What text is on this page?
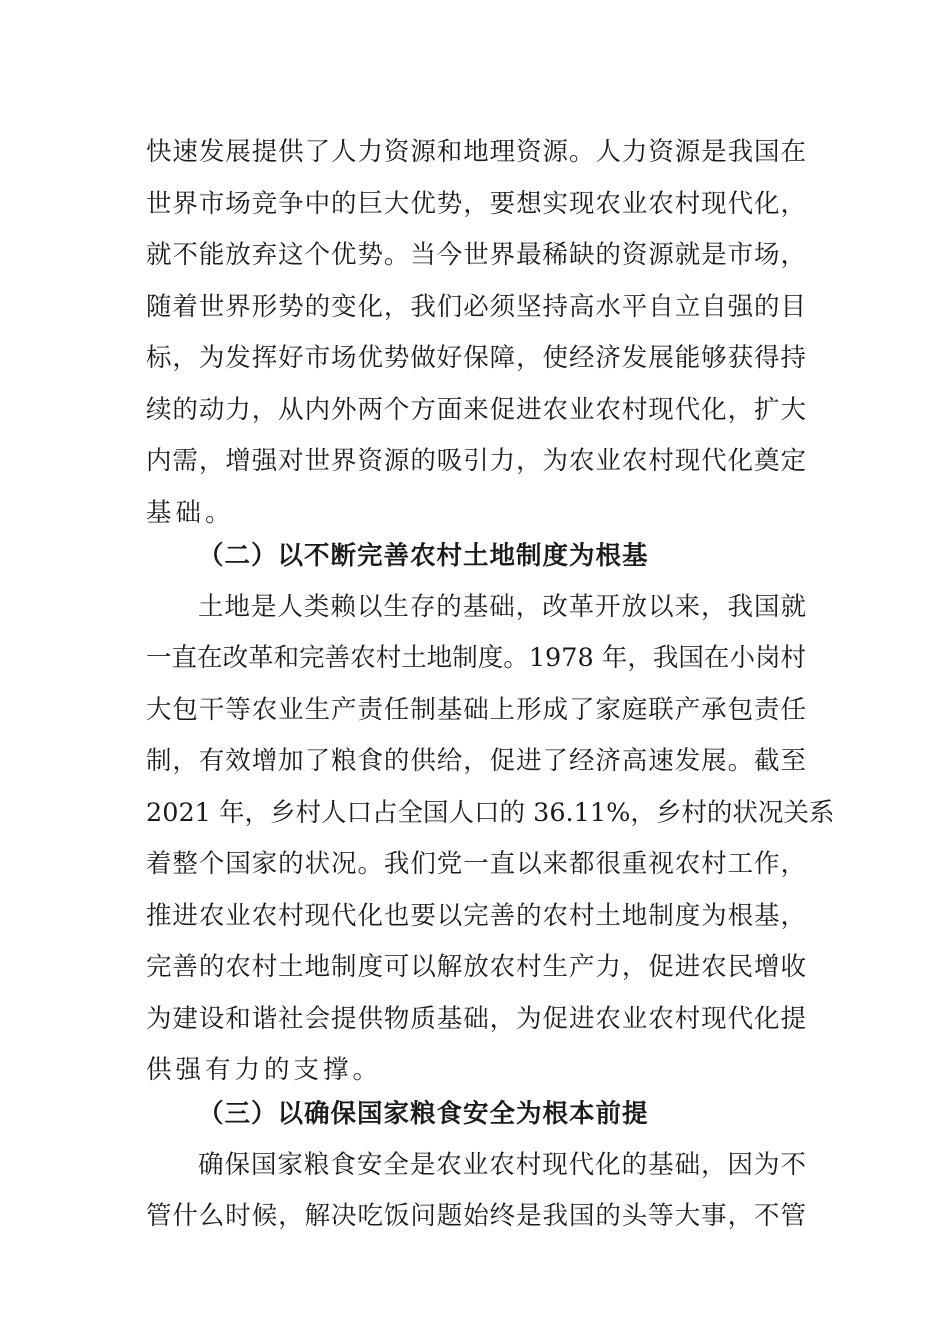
快速发展提供了人力资源和地理资源。人力资源是我国在
世界市场竞争中的巨大优势，要想实现农业农村现代化，
就不能放弃这个优势。当今世界最稀缺的资源就是市场，
随着世界形势的变化，我们必须坚持高水平自立自强的目
标，为发挥好市场优势做好保障，使经济发展能够获得持
续的动力，从内外两个方面来促进农业农村现代化，扩大
内需，增强对世界资源的吸引力，为农业农村现代化奠定
基础。
（二）以不断完善农村土地制度为根基
土地是人类赖以生存的基础，改革开放以来，我国就
一直在改革和完善农村土地制度。1978 年，我国在小岗村
大包干等农业生产责任制基础上形成了家庭联产承包责任
制，有效增加了粮食的供给，促进了经济高速发展。截至
2021 年，乡村人口占全国人口的 36.11%，乡村的状况关系
着整个国家的状况。我们党一直以来都很重视农村工作，
推进农业农村现代化也要以完善的农村土地制度为根基，
完善的农村土地制度可以解放农村生产力，促进农民增收
为建设和谐社会提供物质基础，为促进农业农村现代化提
供强有力的支撑。
（三）以确保国家粮食安全为根本前提
确保国家粮食安全是农业农村现代化的基础，因为不
管什么时候，解决吃饭问题始终是我国的头等大事，不管
